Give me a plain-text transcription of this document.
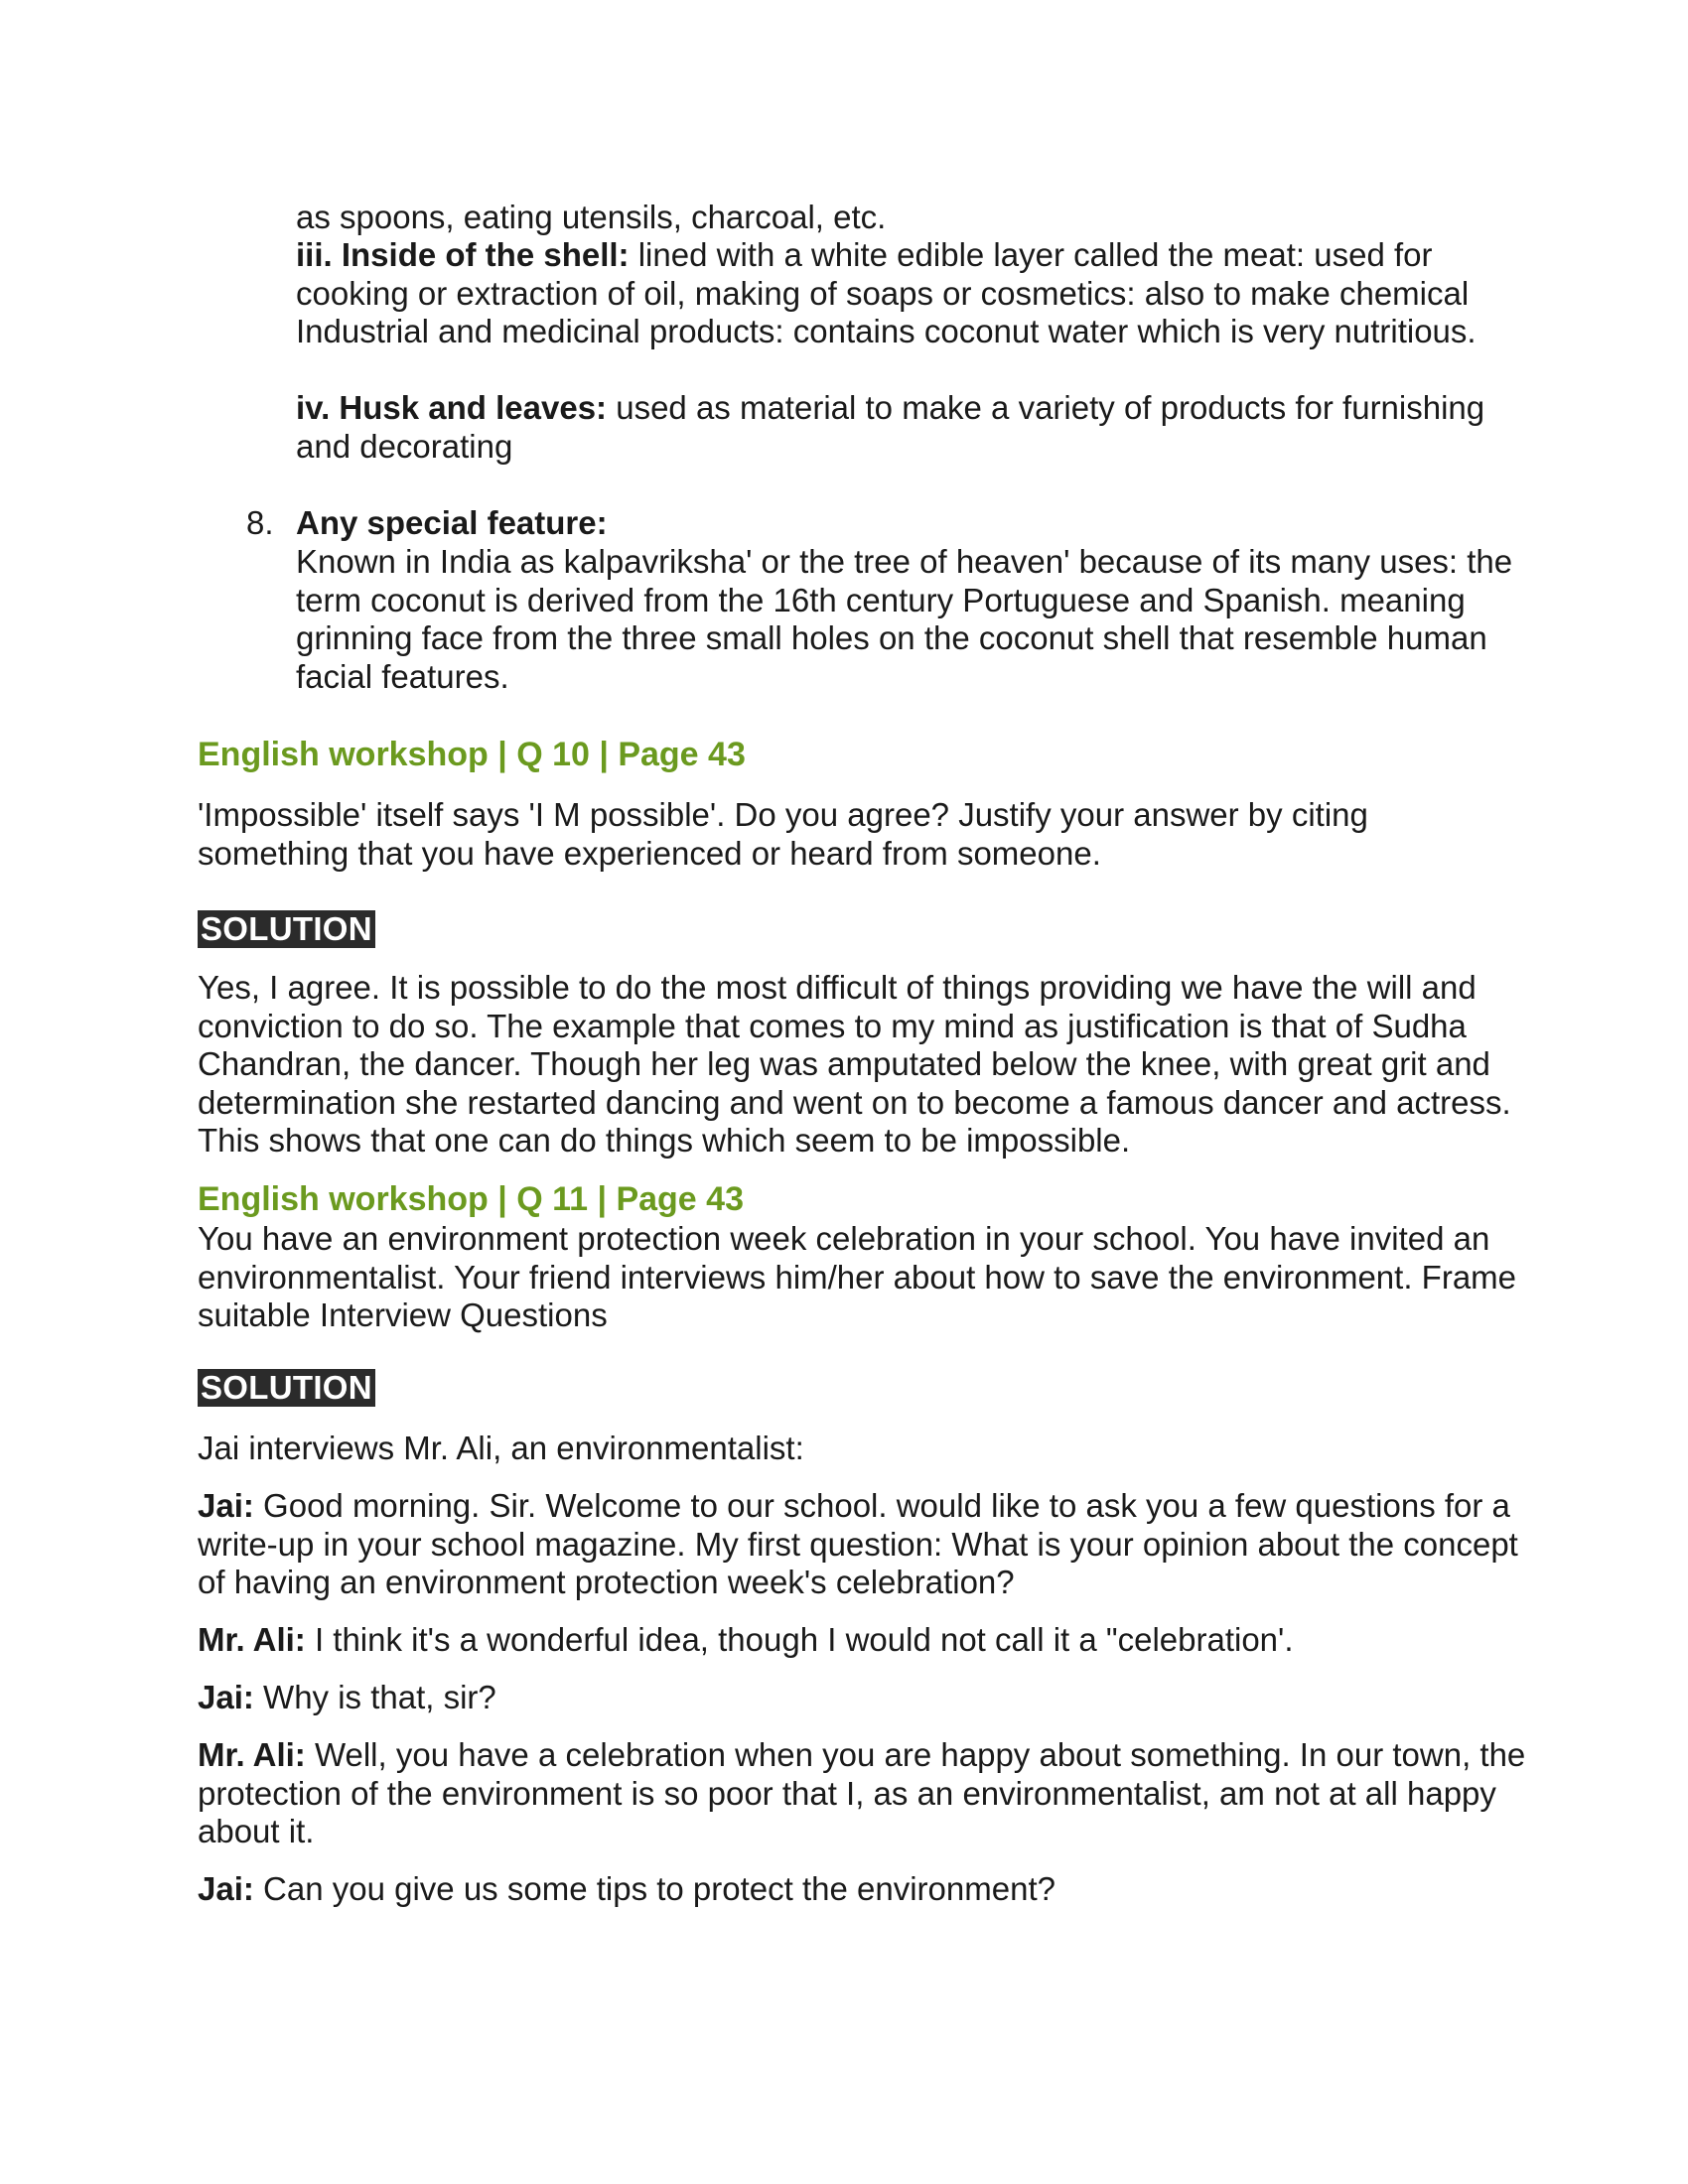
as spoons, eating utensils, charcoal, etc.

iii. Inside of the shell: lined with a white edible layer called the meat: used for cooking or extraction of oil, making of soaps or cosmetics: also to make chemical Industrial and medicinal products: contains coconut water which is very nutritious.

iv. Husk and leaves: used as material to make a variety of products for furnishing and decorating

8. Any special feature:

Known in India as kalpavriksha' or the tree of heaven' because of its many uses: the term coconut is derived from the 16th century Portuguese and Spanish. meaning grinning face from the three small holes on the coconut shell that resemble human facial features.

English workshop | Q 10 | Page 43

'Impossible' itself says 'I M possible'. Do you agree? Justify your answer by citing something that you have experienced or heard from someone.

SOLUTION

Yes, I agree. It is possible to do the most difficult of things providing we have the will and conviction to do so. The example that comes to my mind as justification is that of Sudha Chandran, the dancer. Though her leg was amputated below the knee, with great grit and determination she restarted dancing and went on to become a famous dancer and actress. This shows that one can do things which seem to be impossible.

English workshop | Q 11 | Page 43

You have an environment protection week celebration in your school. You have invited an environmentalist. Your friend interviews him/her about how to save the environment. Frame suitable Interview Questions

SOLUTION

Jai interviews Mr. Ali, an environmentalist:

Jai: Good morning. Sir. Welcome to our school. would like to ask you a few questions for a write-up in your school magazine. My first question: What is your opinion about the concept of having an environment protection week's celebration?

Mr. Ali: I think it's a wonderful idea, though I would not call it a "celebration'.

Jai: Why is that, sir?

Mr. Ali: Well, you have a celebration when you are happy about something. In our town, the protection of the environment is so poor that I, as an environmentalist, am not at all happy about it.

Jai: Can you give us some tips to protect the environment?
